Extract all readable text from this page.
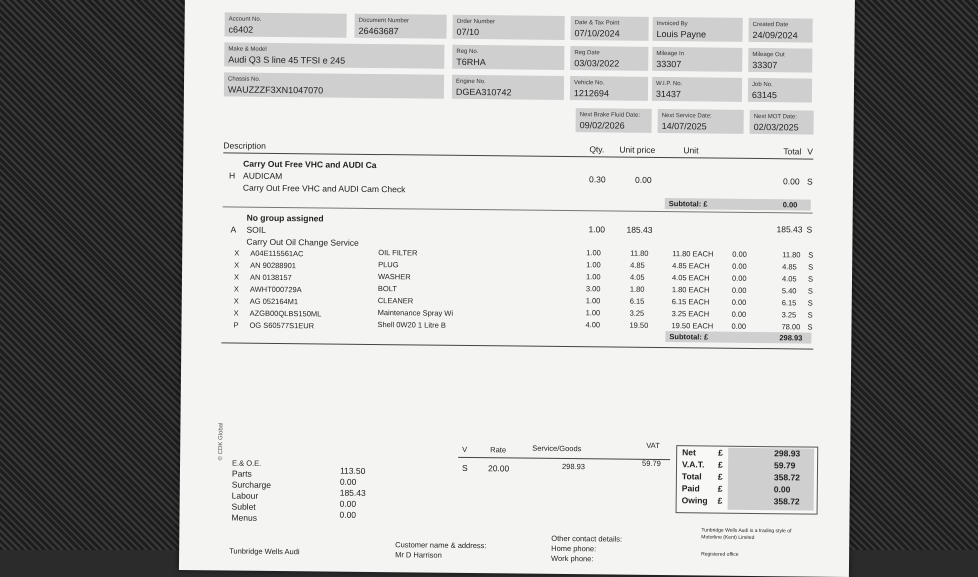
Account No.
c6402
Document Number
26463687
Order Number
07/10
Date & Tax Point
07/10/2024
Invoiced By
Louis Payne
Created Date
24/09/2024
Make & Model
Audi Q3 S line 45 TFSI e 245
Reg No.
T6RHA
Reg Date
03/03/2022
Mileage In
33307
Mileage Out
33307
Chassis No.
WAUZZZF3XN1047070
Engine No.
DGEA310742
Vehicle No.
1212694
W.I.P. No.
31437
Job No.
63145
Next Brake Fluid Date:
09/02/2026
Next Service Date:
14/07/2025
Next MOT Date:
02/03/2025
Description	Qty. Unit price	Unit	Total V
Carry Out Free VHC and AUDI Ca
H AUDICAM	0.30	0.00	0.00 S
Carry Out Free VHC and AUDI Cam Check
Subtotal: £	0.00
No group assigned
A SOIL	1.00	185.43	185.43 S
Carry Out Oil Change Service
Subtotal: £	298.93
© CDK Global
E.& O.E.
V	Rate	Service/Goods	VAT
S 20.00	298.93	59.79
Tunbridge Wells Audi
Customer name & address:
Mr D Harrison
Other contact details:
Home phone:
Work phone:
Tunbridge Wells Audi is a trading style of Motorline (Kent) Limited
Registered office
X A04E115561AC	OIL FILTER	1.00	11.80	11.80 EACH	0.00	11.80 S
X AN 90288901	PLUG	1.00	4.85	4.85 EACH	0.00	4.85 S
X AN 0138157	WASHER	1.00	4.05	4.05 EACH	0.00	4.05 S
X AWHT000729A	BOLT	3.00	1.80	1.80 EACH	0.00	5.40 S
X AG 052164M1	CLEANER	1.00	6.15	6.15 EACH	0.00	6.15 S
X AZGB00QLBS150ML	Maintenance Spray Wi	1.00	3.25	3.25 EACH	0.00	3.25 S
P OG S60577S1EUR	Shell 0W20 1 Litre B	4.00	19.50	19.50 EACH 0.00	78.00 S
Parts	113.50
Surcharge	0.00
Labour	185.43
Sublet	0.00
Menus	0.00
Net	£	298.93
V.A.T. £	59.79
Total £	358.72
Paid £	0.00
Owing £	358.72
